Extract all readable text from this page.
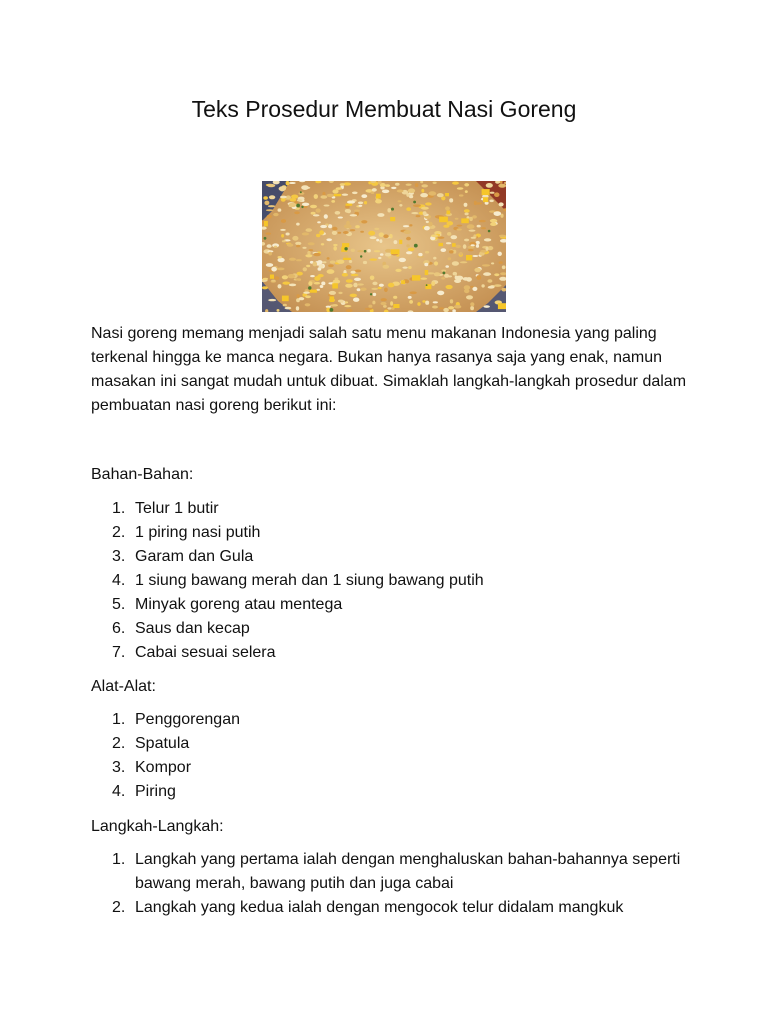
Teks Prosedur Membuat Nasi Goreng

Nasi goreng memang menjadi salah satu menu makanan Indonesia yang paling terkenal hingga ke manca negara. Bukan hanya rasanya saja yang enak, namun masakan ini sangat mudah untuk dibuat. Simaklah langkah-langkah prosedur dalam pembuatan nasi goreng berikut ini:

Bahan-Bahan:

1. Telur 1 butir
2. 1 piring nasi putih
3. Garam dan Gula
4. 1 siung bawang merah dan 1 siung bawang putih
5. Minyak goreng atau mentega
6. Saus dan kecap
7. Cabai sesuai selera

Alat-Alat:

1. Penggorengan
2. Spatula
3. Kompor
4. Piring

Langkah-Langkah:

1. Langkah yang pertama ialah dengan menghaluskan bahan-bahannya seperti bawang merah, bawang putih dan juga cabai
2. Langkah yang kedua ialah dengan mengocok telur didalam mangkuk
